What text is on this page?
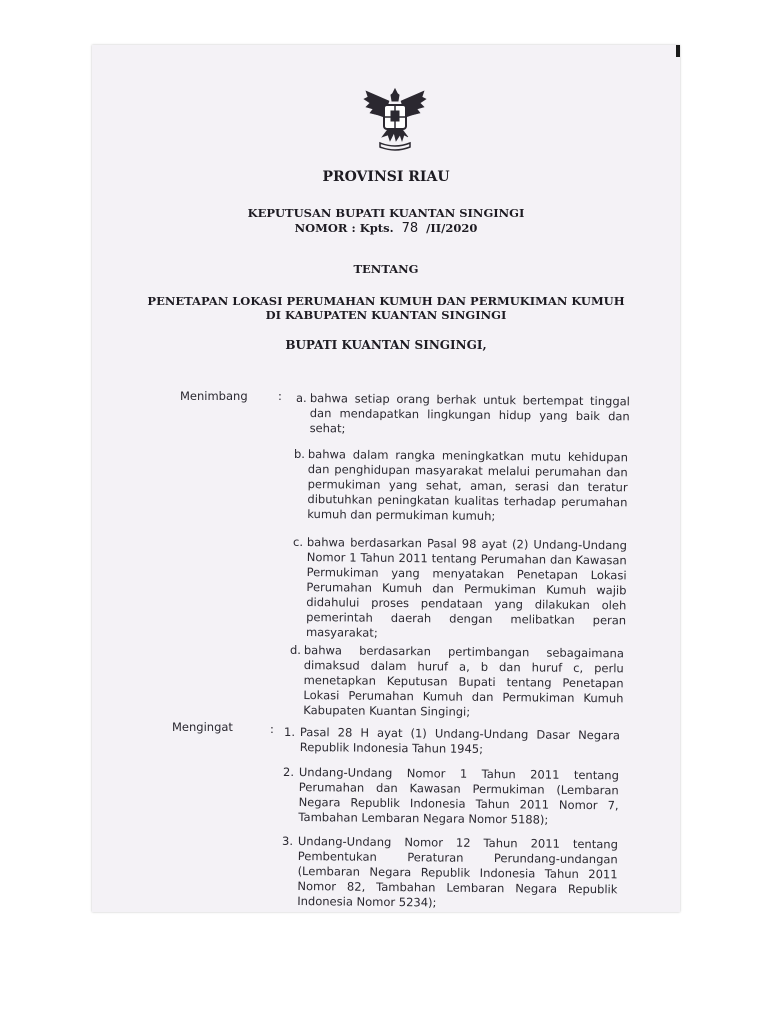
PROVINSI RIAU
KEPUTUSAN BUPATI KUANTAN SINGINGI
NOMOR : Kpts. 78 /II/2020
TENTANG
PENETAPAN LOKASI PERUMAHAN KUMUH DAN PERMUKIMAN KUMUH
DI KABUPATEN KUANTAN SINGINGI
BUPATI KUANTAN SINGINGI,
Menimbang	: a. bahwa setiap orang berhak untuk bertempat tinggal dan mendapatkan lingkungan hidup yang baik dan sehat;
b. bahwa dalam rangka meningkatkan mutu kehidupan dan penghidupan masyarakat melalui perumahan dan permukiman yang sehat, aman, serasi dan teratur dibutuhkan peningkatan kualitas terhadap perumahan kumuh dan permukiman kumuh;
c. bahwa berdasarkan Pasal 98 ayat (2) Undang-Undang Nomor 1 Tahun 2011 tentang Perumahan dan Kawasan Permukiman yang menyatakan Penetapan Lokasi Perumahan Kumuh dan Permukiman Kumuh wajib didahului proses pendataan yang dilakukan oleh pemerintah daerah dengan melibatkan peran masyarakat;
d. bahwa berdasarkan pertimbangan sebagaimana dimaksud dalam huruf a, b dan huruf c, perlu menetapkan Keputusan Bupati tentang Penetapan Lokasi Perumahan Kumuh dan Permukiman Kumuh Kabupaten Kuantan Singingi;
Mengingat	: 1. Pasal 28 H ayat (1) Undang-Undang Dasar Negara Republik Indonesia Tahun 1945;
2. Undang-Undang Nomor 1 Tahun 2011 tentang Perumahan dan Kawasan Permukiman (Lembaran Negara Republik Indonesia Tahun 2011 Nomor 7, Tambahan Lembaran Negara Nomor 5188);
3. Undang-Undang Nomor 12 Tahun 2011 tentang Pembentukan Peraturan Perundang-undangan (Lembaran Negara Republik Indonesia Tahun 2011 Nomor 82, Tambahan Lembaran Negara Republik Indonesia Nomor 5234);
